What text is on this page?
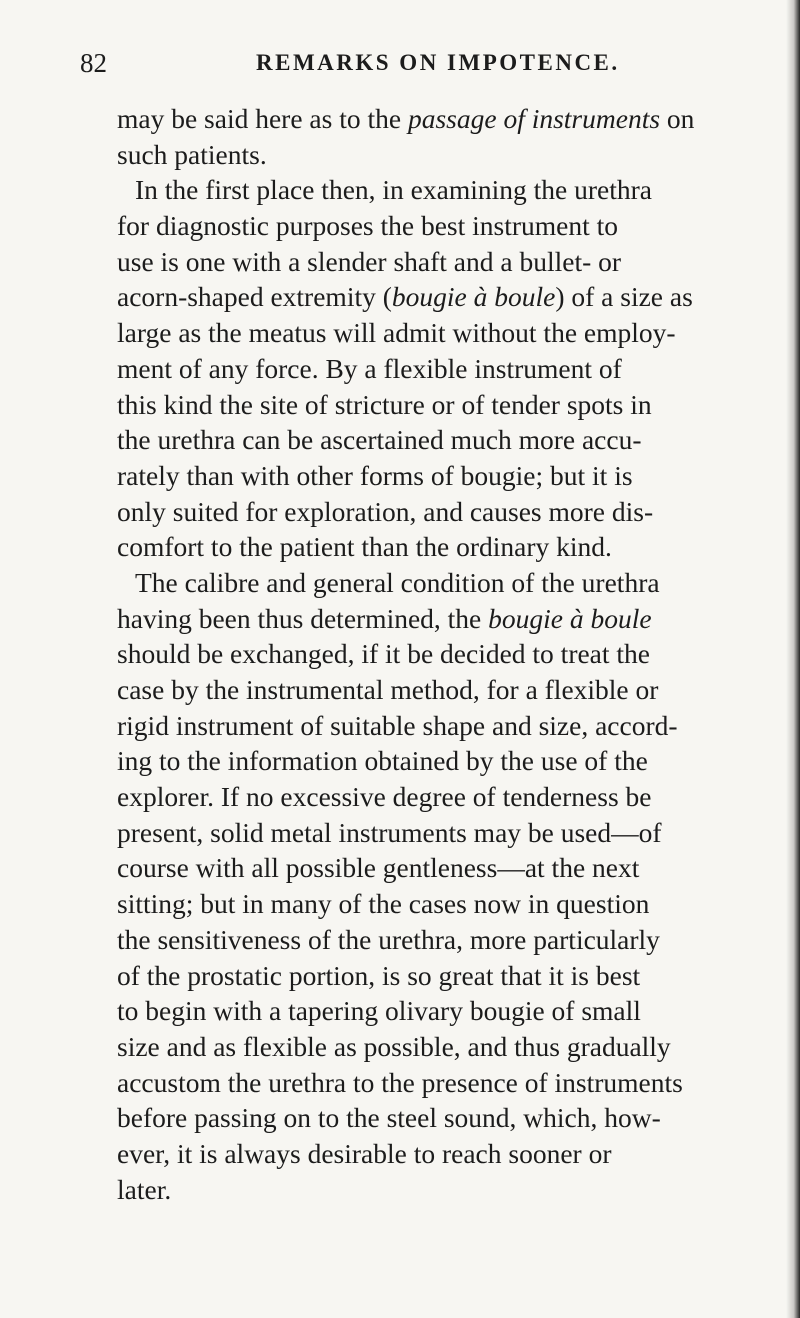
82	REMARKS ON IMPOTENCE.
may be said here as to the passage of instruments on
such patients.
In the first place then, in examining the urethra
for diagnostic purposes the best instrument to
use is one with a slender shaft and a bullet- or
acorn-shaped extremity (bougie à boule) of a size as
large as the meatus will admit without the employ-
ment of any force. By a flexible instrument of
this kind the site of stricture or of tender spots in
the urethra can be ascertained much more accu-
rately than with other forms of bougie; but it is
only suited for exploration, and causes more dis-
comfort to the patient than the ordinary kind.
The calibre and general condition of the urethra
having been thus determined, the bougie à boule
should be exchanged, if it be decided to treat the
case by the instrumental method, for a flexible or
rigid instrument of suitable shape and size, accord-
ing to the information obtained by the use of the
explorer. If no excessive degree of tenderness be
present, solid metal instruments may be used—of
course with all possible gentleness—at the next
sitting; but in many of the cases now in question
the sensitiveness of the urethra, more particularly
of the prostatic portion, is so great that it is best
to begin with a tapering olivary bougie of small
size and as flexible as possible, and thus gradually
accustom the urethra to the presence of instruments
before passing on to the steel sound, which, how-
ever, it is always desirable to reach sooner or
later.
